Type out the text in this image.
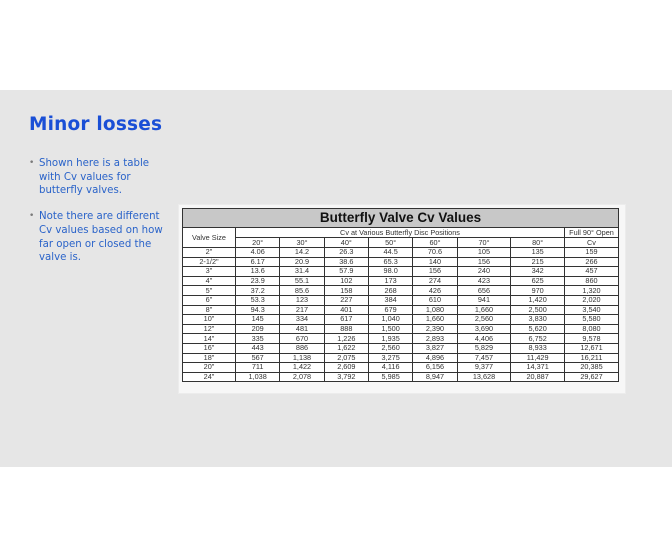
Minor losses
• Shown here is a table with Cv values for butterfly valves.
• Note there are different Cv values based on how far open or closed the valve is.
Butterfly Valve Cv Values								
Valve Size	Cv at Various Butterfly Disc Positions							Full 90° Open
	20°	30°	40°	50°	60°	70°	80°	Cv
2"	4.06	14.2	26.3	44.5	70.6	105	135	159
2-1/2"	6.17	20.9	38.6	65.3	140	156	215	266
3"	13.6	31.4	57.9	98.0	156	240	342	457
4"	23.9	55.1	102	173	274	423	625	860
5"	37.2	85.6	158	268	426	656	970	1,320
6"	53.3	123	227	384	610	941	1,420	2,020
8"	94.3	217	401	679	1,080	1,660	2,500	3,540
10"	145	334	617	1,040	1,660	2,560	3,830	5,580
12"	209	481	888	1,500	2,390	3,690	5,620	8,080
14"	335	670	1,226	1,935	2,893	4,406	6,752	9,578
16"	443	886	1,622	2,560	3,827	5,829	8,933	12,671
18"	567	1,138	2,075	3,275	4,896	7,457	11,429	16,211
20"	711	1,422	2,609	4,116	6,156	9,377	14,371	20,385
24"	1,038	2,078	3,792	5,985	8,947	13,628	20,887	29,627
